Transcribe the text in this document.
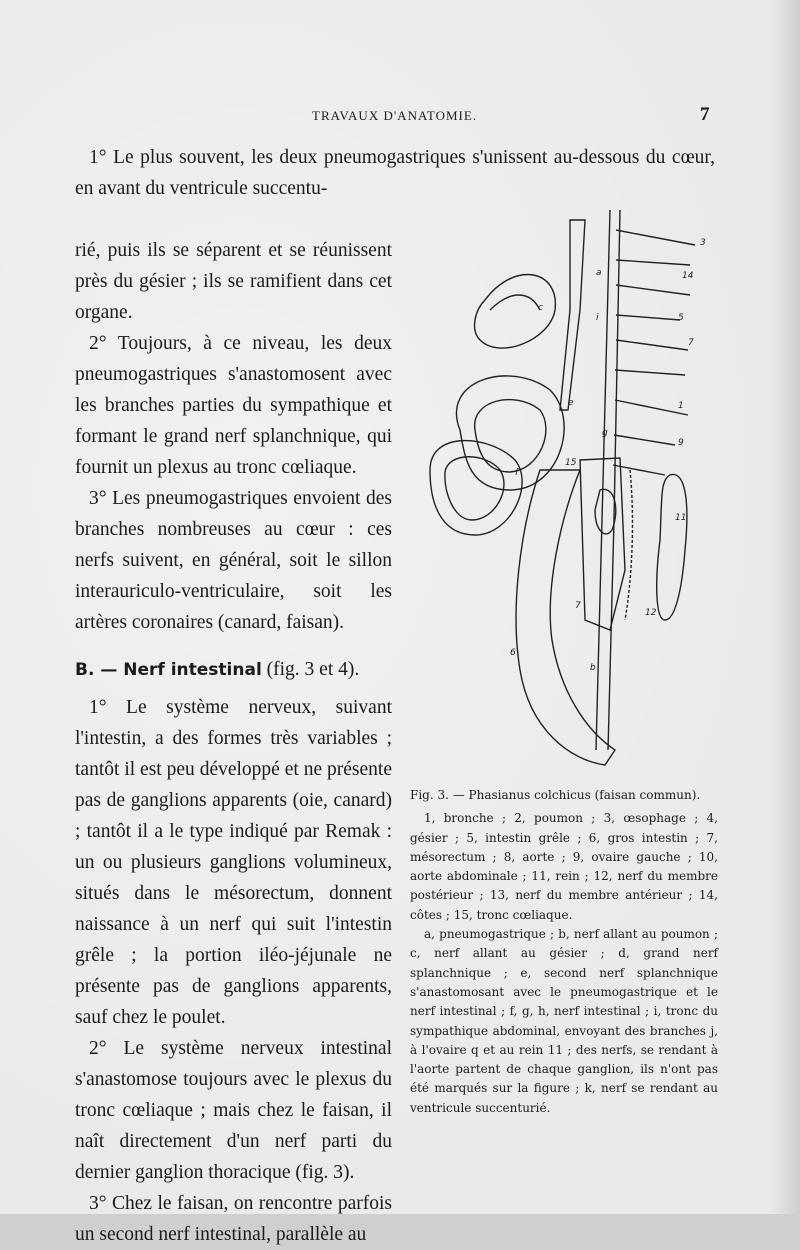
TRAVAUX D'ANATOMIE.	7

1° Le plus souvent, les deux pneumogastriques s'unissent au-dessous du cœur, en avant du ventricule succentu-

rié, puis ils se séparent et se réunissent près du gésier ; ils se ramifient dans cet organe.

2° Toujours, à ce niveau, les deux pneumogastriques s'anastomosent avec les branches parties du sympathique et formant le grand nerf splanchnique, qui fournit un plexus au tronc cœliaque.

3° Les pneumogastriques envoient des branches nombreuses au cœur : ces nerfs suivent, en général, soit le sillon interauriculo-ventriculaire, soit les artères coronaires (canard, faisan).

B. — Nerf intestinal (fig. 3 et 4).

1° Le système nerveux, suivant l'intestin, a des formes très variables ; tantôt il est peu développé et ne présente pas de ganglions apparents (oie, canard) ; tantôt il a le type indiqué par Remak : un ou plusieurs ganglions volumineux, situés dans le mésorectum, donnent naissance à un nerf qui suit l'intestin grêle ; la portion iléo-jéjunale ne présente pas de ganglions apparents, sauf chez le poulet.

2° Le système nerveux intestinal s'anastomose toujours avec le plexus du tronc cœliaque ; mais chez le faisan, il naît directement d'un nerf parti du dernier ganglion thoracique (fig. 3).

3° Chez le faisan, on rencontre parfois un second nerf intestinal, parallèle au

3
14
5
7
1
9
11
12
15
f
b
6
7
c
a
i
e
g

Fig. 3. — Phasianus colchicus (faisan commun).

1, bronche ; 2, poumon ; 3, œsophage ; 4, gésier ; 5, intestin grêle ; 6, gros intestin ; 7, mésorectum ; 8, aorte ; 9, ovaire gauche ; 10, aorte abdominale ; 11, rein ; 12, nerf du membre postérieur ; 13, nerf du membre antérieur ; 14, côtes ; 15, tronc cœliaque.

a, pneumogastrique ; b, nerf allant au poumon ; c, nerf allant au gésier ; d, grand nerf splanchnique ; e, second nerf splanchnique s'anastomosant avec le pneumogastrique et le nerf intestinal ; f, g, h, nerf intestinal ; i, tronc du sympathique abdominal, envoyant des branches j, à l'ovaire q et au rein 11 ; des nerfs, se rendant à l'aorte partent de chaque ganglion, ils n'ont pas été marqués sur la figure ; k, nerf se rendant au ventricule succenturié.
